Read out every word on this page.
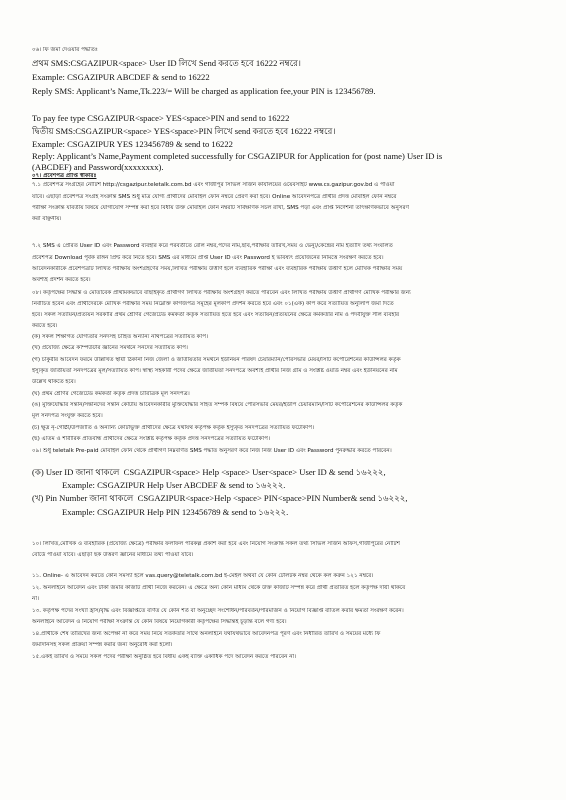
০৬। ফি জমা দেওয়ার পদ্ধতিঃ
প্রথম SMS:CSGAZIPUR<space> User ID লিখে Send করতে হবে 16222 নম্বরে।
Example: CSGAZIPUR ABCDEF & send to 16222
Reply SMS: Applicant’s Name,Tk.223/= Will be charged as application fee,your PIN is 123456789.
To pay fee type CSGAZIPUR<space> YES<space>PIN and send to 16222
দ্বিতীয় SMS:CSGAZIPUR<space> YES<space>PIN লিখে send করতে হবে 16222 নম্বরে।
Example: CSGAZIPUR YES 123456789 & send to 16222
Reply: Applicant’s Name,Payment completed successfully for CSGAZIPUR for Application for (post name) User ID is
(ABCDEF) and Password(xxxxxxxx).
০৭। প্রবেশপত্র প্রাপ্তি স্বীকারঃ
৭.১ প্রবেশপত্র সংগ্রহের নোটিশ http://csgazipur.teletalk.com.bd এবং গাজীপুর সিভিল সার্জন কার্যালয়ের ওয়েবসাইট www.cs.gazipur.gov.bd এ পাওয়া
যাবে। এছাড়া প্রবেশপত্র সংগ্রহ সংক্রান্ত SMS শুধু মাত্র যোগ্য প্রার্থীদের মোবাইল ফোন নম্বরে প্রেরণ করা হবে। Online আবেদনপত্রে প্রার্থীর প্রদত্ত মোবাইল ফোন নম্বরে
পরীক্ষা সংক্রান্ত যাবতীয় বিষয়ে যোগাযোগ সম্পন্ন করা হবে বিধায় উক্ত মোবাইল ফোন নম্বরটি সার্বক্ষণিক সচল রাখা, SMS পড়া এবং প্রাপ্ত নির্দেশনা তাৎক্ষণিকভাবে অনুসরণ
করা বাঞ্ছনীয়।
৭.২ SMS এ প্রেরিত User ID এবং Password ব্যবহার করে পরবর্তীতে রোল নম্বর,পদের নাম,ছবি,পরীক্ষার তারিখ,সময় ও ভেন্যু/কেন্দ্রের নাম ইত্যাদি তথ্য সংবলিত
প্রবেশপত্র Download পূর্বক রঙ্গিন প্রিন্ট করে নিতে হবে। SMS এর মাধ্যমে প্রাপ্ত User ID এবং Password ই ভবিষ্যৎ প্রয়োজনের নিমিত্তে সংরক্ষণ করতে হবে।
আবেদনকারীকে প্রবেশপত্রটি লিখিত পরীক্ষায় অংশগ্রহণের সময়,লিখিত পরীক্ষায় উত্তীর্ণ হলে ব্যবহারিক পরীক্ষা এবং ব্যবহারিক পরীক্ষায় উত্তীর্ণ হলে মৌখিক পরীক্ষার সময়
অবশ্যই প্রদর্শন করতে হবে।
০৮। কর্তৃপক্ষের সিদ্ধান্ত ও মোতাবেক প্রাথমিকভাবে বাছাইকৃত প্রার্থীগণ লিখিত পরীক্ষায় অংশগ্রহণ করতে পারবেন এবং লিখিত পরীক্ষায় উত্তীর্ণ প্রার্থীগণ মৌখিক পরীক্ষার জন্য
নির্বাচিত হবেন এবং প্রার্থীদেরকে মৌখিক পরীক্ষার সময় নিম্নোক্ত কাগজপত্র সমূহের মূলকপি প্রদর্শন করতে হবে এবং ০১(এক) কপি করে সত্যায়িত অনুলিপি জমা দিতে
হবে। সকল সত্যায়ন/প্রত্যয়ন সরকারি প্রথম শ্রেণির গেজেটেড কর্মকর্তা কর্তৃক সত্যায়িত হতে হবে এবং সত্যায়ন/প্রত্যয়নের ক্ষেত্রে কর্মকর্তার নাম ও পদবীযুক্ত সীল ব্যবহার
করতে হবে।
(ক) সকল শিক্ষাগত যোগ্যতার সনদসহ চাহিত অন্যান্য নথিপত্রের সত্যায়িত কপি।
(খ) প্রযোজ্য ক্ষেত্রে কম্পিউটার জ্ঞানের সমর্থনে সনদের সত্যায়িত কপি।
(গ) চাকুরীর আবেদন ফরমে উল্লিখিত স্থায়ী ঠিকানা নিজ জেলা ও জাতীয়তার সমর্থনে ইউনিয়ন পরিষদ চেয়ারম্যান/পৌরসভার মেয়র/সিটি কর্পোরেশনের কাউন্সিলর কর্তৃক
ইস্যুকৃত জাতীয়তা সনদপত্রের মূল/সত্যায়িত কপি। স্বাস্থ্য সহকারী পদের ক্ষেত্রে জাতীয়তা সনদপত্রে অবশ্যই প্রার্থীর নিজ গ্রাম ও সংশ্লিষ্ট ওয়ার্ড নম্বর এবং ইউনিয়নের নাম
উল্লেখ থাকতে হবে।
(ঘ) প্রথম শ্রেণির গেজেটেড কর্মকর্তা কর্তৃক প্রদত্ত চারিত্রিক মূল সনদপত্র।
(ঙ) মুক্তিযোদ্ধার সন্তান/সন্তানদের সন্তান কোটায় আবেদনকারীর মুক্তিযোদ্ধার সহিত সম্পর্ক বিষয়ে পৌরসভার মেয়র/ইউপি চেয়ারম্যান/সিটি কর্পোরেশনের কাউন্সিলর কর্তৃক
মূল সনদপত্র সংযুক্ত করতে হবে।
(চ) ক্ষুদ্র নৃ-গোষ্ঠী/উপজাতি ও অন্যান্য কোটাভুক্ত প্রার্থীদের ক্ষেত্রে যথাযথ কর্তৃপক্ষ কর্তৃক ইস্যুকৃত সনদপত্রের সত্যায়িত ফটোকপি।
(ছ) এতিম ও শারীরিক প্রতিবন্ধি প্রার্থীদের ক্ষেত্রে সংশ্লিষ্ট কর্তৃপক্ষ কর্তৃক প্রদত্ত সনদপত্রের সত্যায়িত ফটোকপি।
০৯। শুধু teletalk Pre-paid মোবাইল ফোন থেকে প্রার্থীগণ নিম্নবর্ণিত SMS পদ্ধতি অনুসরণ করে নিজ নিজ User ID এবং Password পুনরুদ্ধার করতে পারবেন।
(ক) User ID জানা থাকলে CSGAZIPUR<space> Help <space> User<space> User ID & send ১৬২২২,
Example: CSGAZIPUR Help User ABCDEF & send to ১৬২২২.
(খ) Pin Number জানা থাকলে CSGAZIPUR<space>Help <space> PIN<space>PIN Number& send ১৬২২২,
Example: CSGAZIPUR Help PIN 123456789 & send to ১৬২২২.
১০। লিখিত,মৌখিক ও ব্যবহারিক (প্রযোজ্য ক্ষেত্রে) পরীক্ষার ফলাফল পরিকল্প প্রকাশ করা হবে এবং নিয়োগ সংক্রান্ত সকল তথ্য সিভিল সার্জন অফিস,গাজীপুরের নোটিশ
বোর্ডে পাওয়া যাবে। এছাড়া ছক উত্তরণ জ্ঞানের মাধ্যমে তথ্য পাওয়া যাবে।
১১. Online- এ আবেদন করতে কোন সমস্যা হলে vas.query@teletalk.com.bd ই-মেইল অথবা যে কোন টেলিটক নম্বর থেকে কল করুন ১২১ নম্বরে।
১২. অনলাইনে আবেদন এবং টাকা জমার কাজটি প্রার্থী নিজে করবেন। এ ক্ষেত্রে অন্য কোন মাধ্যম থেকে উক্ত কাজটি সম্পন্ন করে প্রার্থী প্রতারিত হলে কর্তৃপক্ষ দায়ী থাকবে
না।
১৩. কর্তৃপক্ষ পদের সংখ্যা হ্রাস/বৃদ্ধি এবং বিজ্ঞপ্তিতে বর্ণিত যে কোন শর্ত বা অনুচ্ছেদ সংশোধন/পরিবর্তন/পরিমার্জন ও নিয়োগ বিজ্ঞপ্তি বাতিল করার ক্ষমতা সংরক্ষণ করেন।
অনলাইনে আবেদন ও নিয়োগ পরীক্ষা সংক্রান্ত যে কোন বিষয়ে নিয়োগকারী কর্তৃপক্ষের সিদ্ধান্তই চূড়ান্ত বলে গণ্য হবে।
১৪.প্রার্থীকে শেষ তারিখের জন্য অপেক্ষা না করে সময় নিয়ে সতর্কতার সাথে অনলাইনে যথাযথভাবে আবেদনপত্র পূরণ এবং নির্ধারিত তারিখ ও সময়ের মধ্যে ফি
জমাদানসহ সকল প্রক্রিয়া সম্পন্ন করার জন্য অনুরোধ করা হলো।
১৫.একই তারিখ ও সময়ে সকল পদের পরীক্ষা অনুষ্ঠিত হবে বিধায় একই ব্যক্তি একাধিক পদে আবেদন করতে পারবেন না।
